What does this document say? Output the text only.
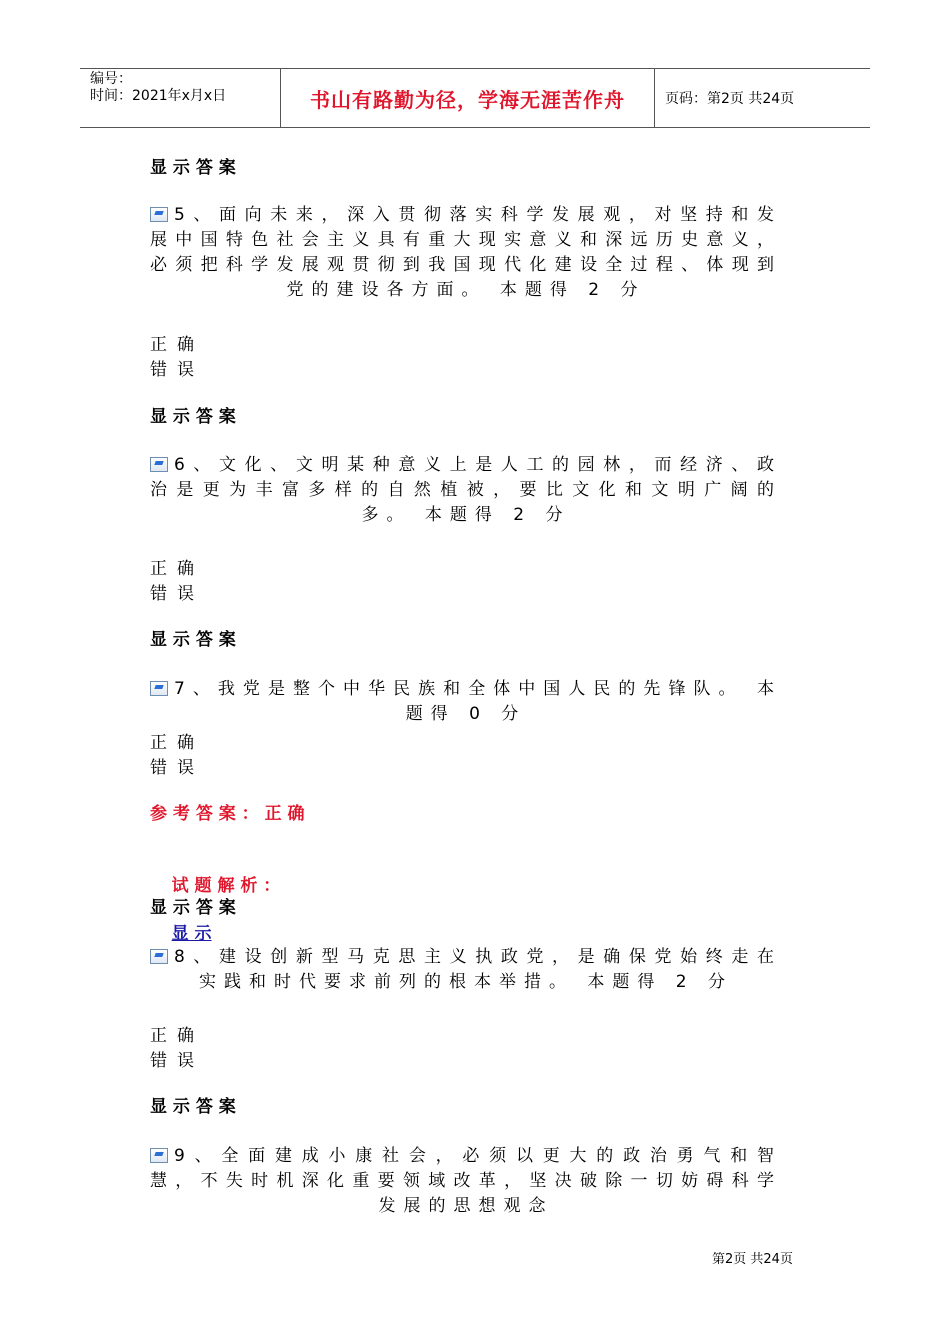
编号：
时间：2021年x月x日	书山有路勤为径，学海无涯苦作舟	页码：第2页 共24页
显 示 答 案
5、面向未来，深入贯彻落实科学发展观，对坚持和发展中国特色社会主义具有重大现实意义和深远历史意义，必须把科学发展观贯彻到我国现代化建设全过程、体现到党的建设各方面。 本题得 2 分
正确
错误
显 示 答 案
6、文化、文明某种意义上是人工的园林，而经济、政治是更为丰富多样的自然植被，要比文化和文明广阔的多。 本题得 2 分
正确
错误
显 示 答 案
7、我党是整个中华民族和全体中国人民的先锋队。 本题得 0 分
正确
错误
参 考 答 案 ： 正 确

试 题 解 析 ：

显 示

显 示 答 案
8、建设创新型马克思主义执政党，是确保党始终走在实践和时代要求前列的根本举措。 本题得 2 分
正确
错误
显 示 答 案
9、全面建成小康社会，必须以更大的政治勇气和智慧，不失时机深化重要领域改革，坚决破除一切妨碍科学发展的思想观念
第2页 共24页
